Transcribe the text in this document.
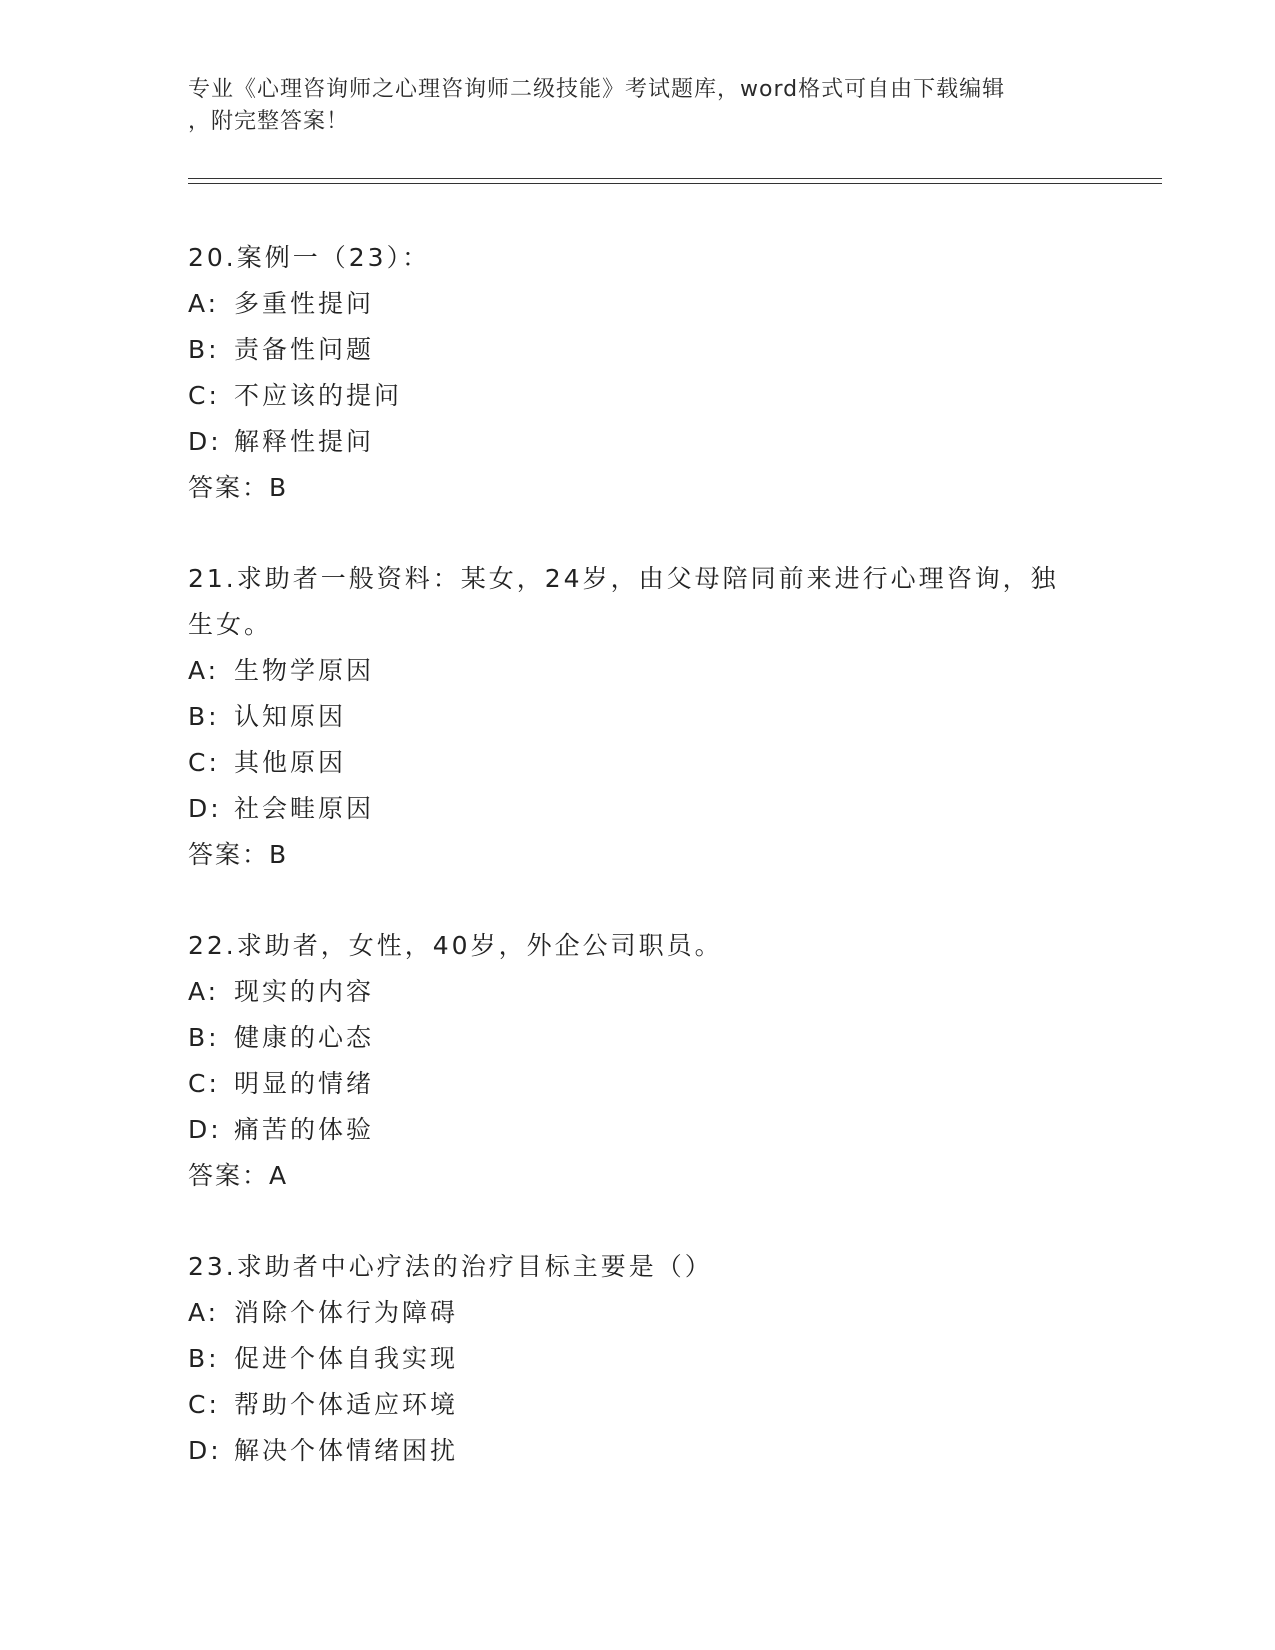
专业《心理咨询师之心理咨询师二级技能》考试题库，word格式可自由下载编辑
，附完整答案！
20.案例一（23）：
A: 多重性提问
B: 责备性问题
C: 不应该的提问
D: 解释性提问
答案：B
21.求助者一般资料：某女，24岁，由父母陪同前来进行心理咨询，独生女。
A: 生物学原因
B: 认知原因
C: 其他原因
D: 社会畦原因
答案：B
22.求助者，女性，40岁，外企公司职员。
A: 现实的内容
B: 健康的心态
C: 明显的情绪
D: 痛苦的体验
答案：A
23.求助者中心疗法的治疗目标主要是（）
A: 消除个体行为障碍
B: 促进个体自我实现
C: 帮助个体适应环境
D: 解决个体情绪困扰
